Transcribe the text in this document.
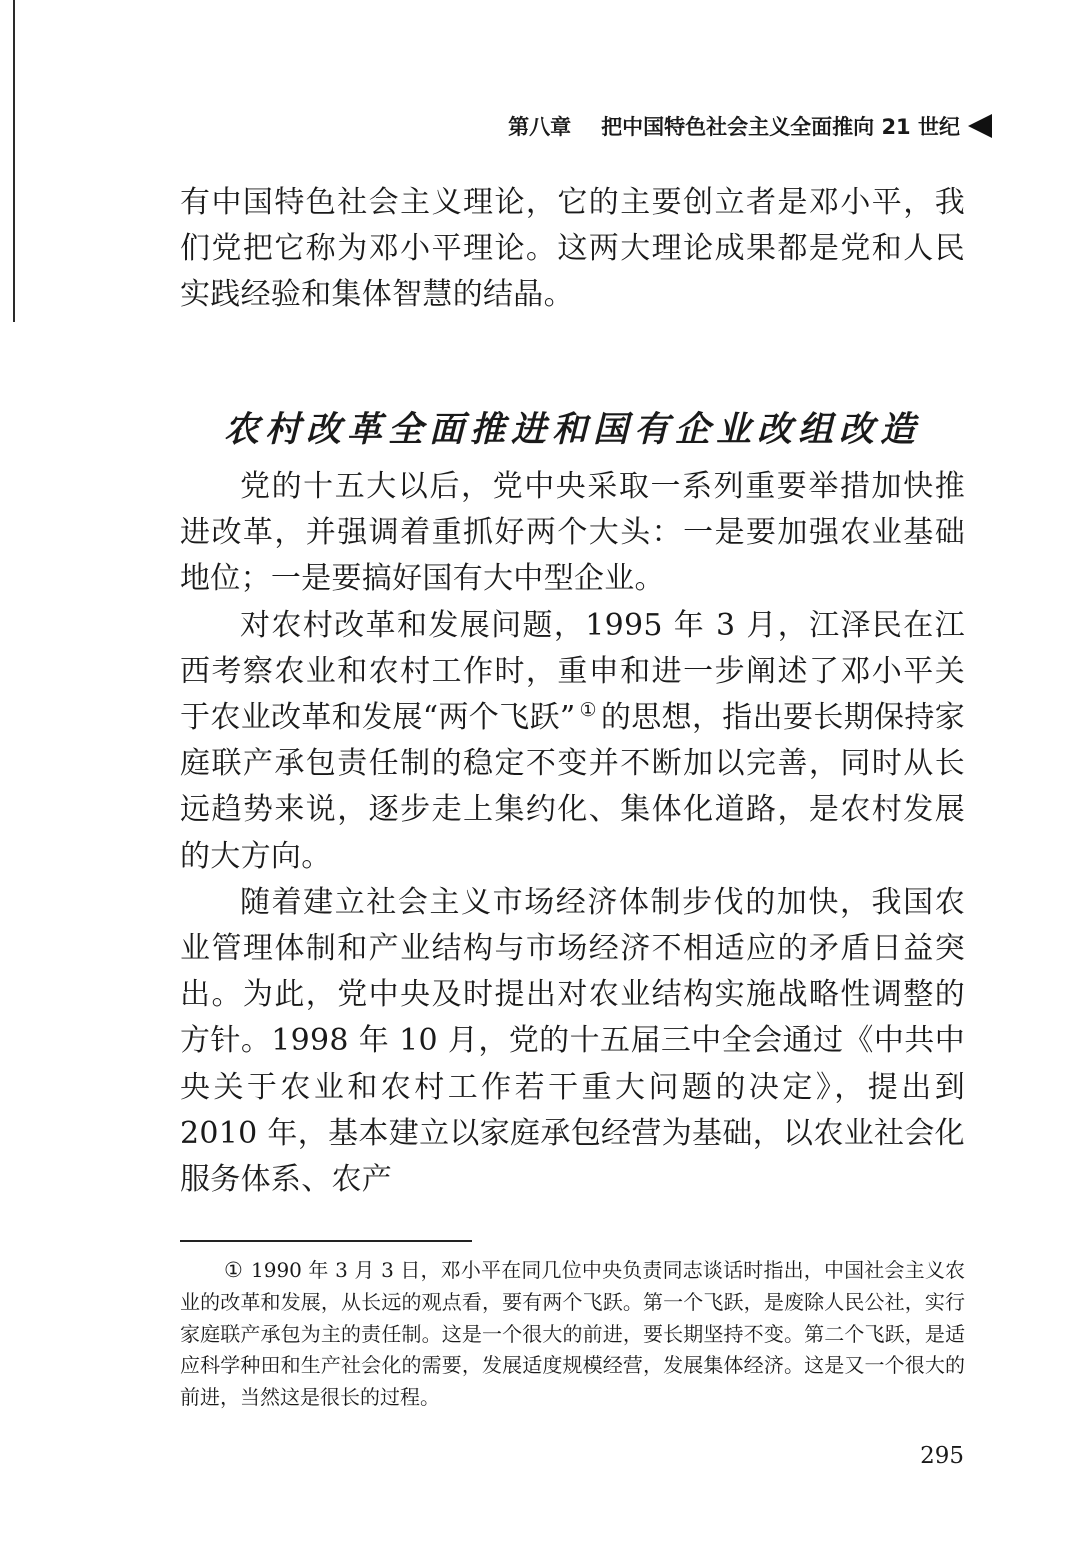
第八章 把中国特色社会主义全面推向 21 世纪

有中国特色社会主义理论，它的主要创立者是邓小平，我们党把它称为邓小平理论。这两大理论成果都是党和人民实践经验和集体智慧的结晶。

农村改革全面推进和国有企业改组改造

党的十五大以后，党中央采取一系列重要举措加快推进改革，并强调着重抓好两个大头：一是要加强农业基础地位；一是要搞好国有大中型企业。

对农村改革和发展问题，1995 年 3 月，江泽民在江西考察农业和农村工作时，重申和进一步阐述了邓小平关于农业改革和发展“两个飞跃” ① 的思想，指出要长期保持家庭联产承包责任制的稳定不变并不断加以完善，同时从长远趋势来说，逐步走上集约化、集体化道路，是农村发展的大方向。

随着建立社会主义市场经济体制步伐的加快，我国农业管理体制和产业结构与市场经济不相适应的矛盾日益突出。为此，党中央及时提出对农业结构实施战略性调整的方针。1998 年 10 月，党的十五届三中全会通过《中共中央关于农业和农村工作若干重大问题的决定》，提出到 2010 年，基本建立以家庭承包经营为基础，以农业社会化服务体系、农产

① 1990 年 3 月 3 日，邓小平在同几位中央负责同志谈话时指出，中国社会主义农业的改革和发展，从长远的观点看，要有两个飞跃。第一个飞跃，是废除人民公社，实行家庭联产承包为主的责任制。这是一个很大的前进，要长期坚持不变。第二个飞跃，是适应科学种田和生产社会化的需要，发展适度规模经营，发展集体经济。这是又一个很大的前进，当然这是很长的过程。

295
